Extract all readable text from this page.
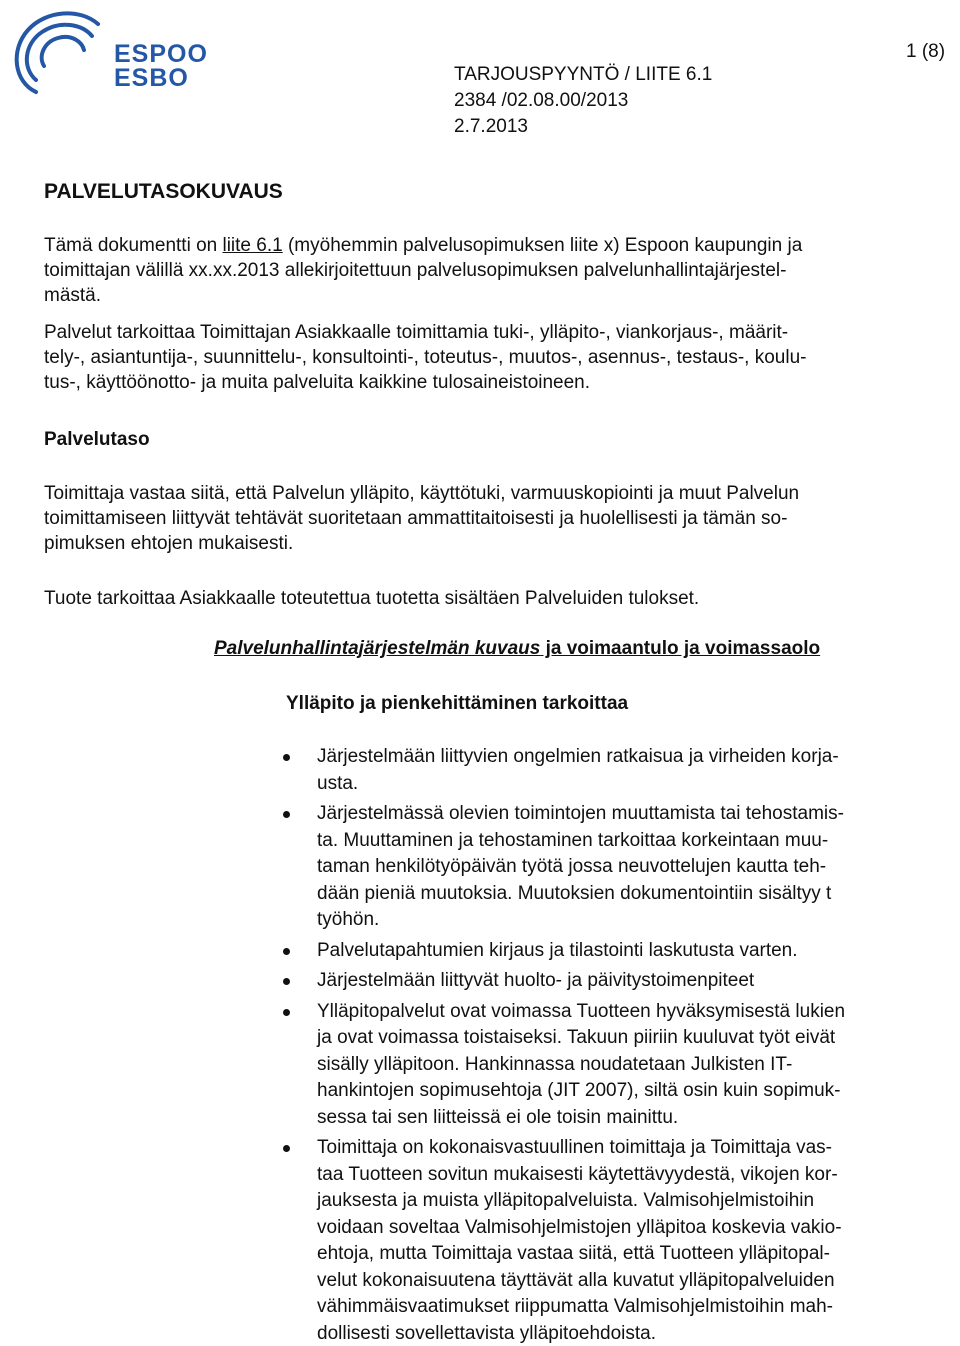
ESPOO
ESBO
1 (8)
TARJOUSPYYNTÖ / LIITE 6.1
2384 /02.08.00/2013
2.7.2013
PALVELUTASOKUVAUS
Tämä dokumentti on liite 6.1 (myöhemmin palvelusopimuksen liite x) Espoon kaupungin ja
toimittajan välillä xx.xx.2013 allekirjoitettuun palvelusopimuksen palvelunhallintajärjestel-
mästä.
Palvelut tarkoittaa Toimittajan Asiakkaalle toimittamia tuki-, ylläpito-, viankorjaus-, määrit-
tely-, asiantuntija-, suunnittelu-, konsultointi-, toteutus-, muutos-, asennus-, testaus-, koulu-
tus-, käyttöönotto- ja muita palveluita kaikkine tulosaineistoineen.
Palvelutaso
Toimittaja vastaa siitä, että Palvelun ylläpito, käyttötuki, varmuuskopiointi ja muut Palvelun
toimittamiseen liittyvät tehtävät suoritetaan ammattitaitoisesti ja huolellisesti ja tämän so-
pimuksen ehtojen mukaisesti.
Tuote tarkoittaa Asiakkaalle toteutettua tuotetta sisältäen Palveluiden tulokset.
Palvelunhallintajärjestelmän kuvaus ja voimaantulo ja voimassaolo
Ylläpito ja pienkehittäminen tarkoittaa
Järjestelmään liittyvien ongelmien ratkaisua ja virheiden korja-
usta.
Järjestelmässä olevien toimintojen muuttamista tai tehostamis-
ta. Muuttaminen ja tehostaminen tarkoittaa korkeintaan muu-
taman henkilötyöpäivän työtä jossa neuvottelujen kautta teh-
dään pieniä muutoksia. Muutoksien dokumentointiin sisältyy t
työhön.
Palvelutapahtumien kirjaus ja tilastointi laskutusta varten.
Järjestelmään liittyvät huolto- ja päivitystoimenpiteet
Ylläpitopalvelut ovat voimassa Tuotteen hyväksymisestä lukien
ja ovat voimassa toistaiseksi. Takuun piiriin kuuluvat työt eivät
sisälly ylläpitoon. Hankinnassa noudatetaan Julkisten IT-
hankintojen sopimusehtoja (JIT 2007), siltä osin kuin sopimuk-
sessa tai sen liitteissä ei ole toisin mainittu.
Toimittaja on kokonaisvastuullinen toimittaja ja Toimittaja vas-
taa Tuotteen sovitun mukaisesti käytettävyydestä, vikojen kor-
jauksesta ja muista ylläpitopalveluista. Valmisohjelmistoihin
voidaan soveltaa Valmisohjelmistojen ylläpitoa koskevia vakio-
ehtoja, mutta Toimittaja vastaa siitä, että Tuotteen ylläpitopal-
velut kokonaisuutena täyttävät alla kuvatut ylläpitopalveluiden
vähimmäisvaatimukset riippumatta Valmisohjelmistoihin mah-
dollisesti sovellettavista ylläpitoehdoista.
